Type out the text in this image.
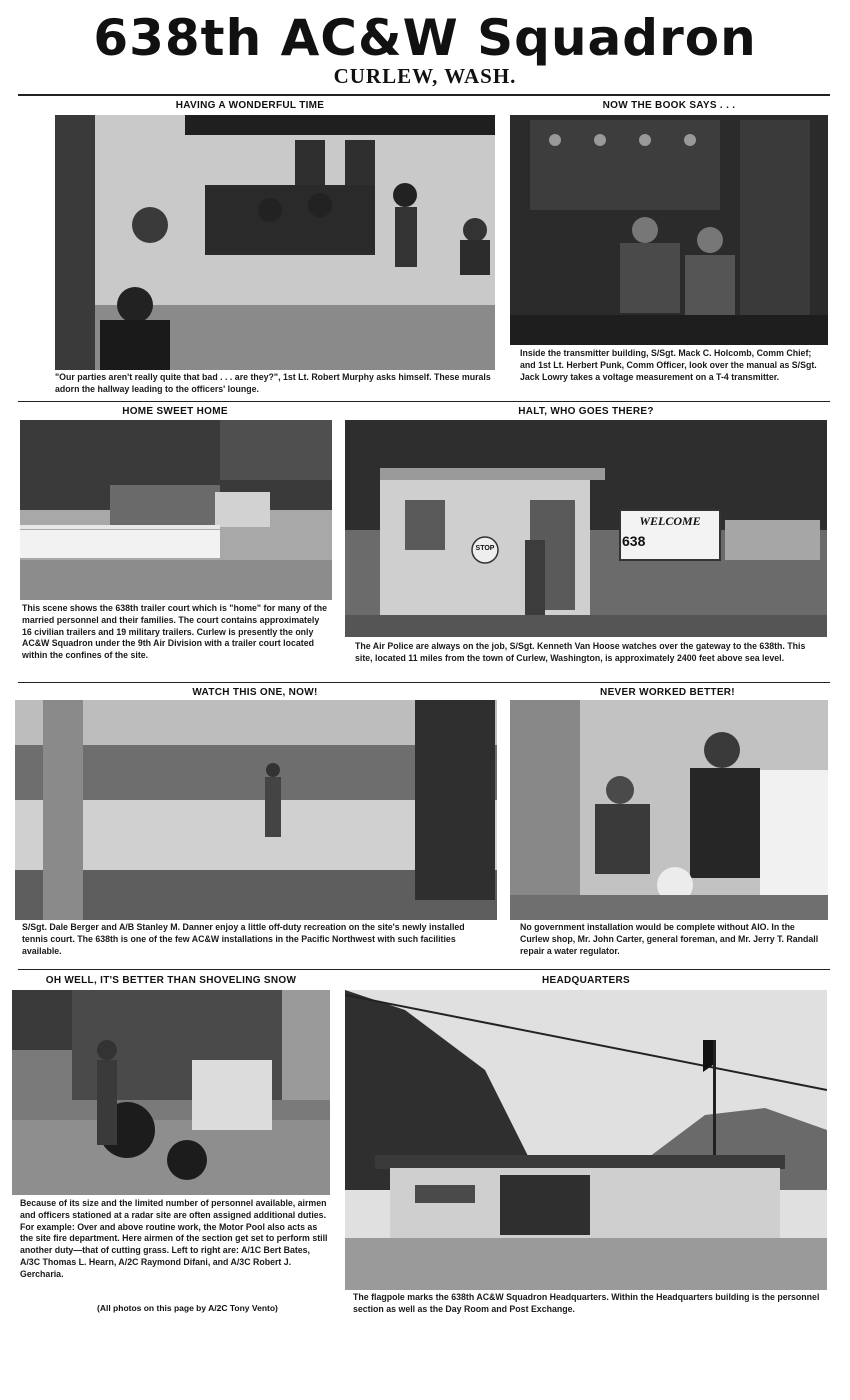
638th AC&W Squadron
CURLEW, WASH.
HAVING A WONDERFUL TIME
"Our parties aren't really quite that bad . . . are they?", 1st Lt. Robert Murphy asks himself. These murals adorn the hallway leading to the officers' lounge.
NOW THE BOOK SAYS . . .
Inside the transmitter building, S/Sgt. Mack C. Holcomb, Comm Chief; and 1st Lt. Herbert Punk, Comm Officer, look over the manual as S/Sgt. Jack Lowry takes a voltage measurement on a T-4 transmitter.
HOME SWEET HOME
This scene shows the 638th trailer court which is "home" for many of the married personnel and their families. The court contains approximately 16 civilian trailers and 19 military trailers. Curlew is presently the only AC&W Squadron under the 9th Air Division with a trailer court located within the confines of the site.
HALT, WHO GOES THERE?
STOP
WELCOME
638
The Air Police are always on the job, S/Sgt. Kenneth Van Hoose watches over the gateway to the 638th. This site, located 11 miles from the town of Curlew, Washington, is approximately 2400 feet above sea level.
WATCH THIS ONE, NOW!
S/Sgt. Dale Berger and A/B Stanley M. Danner enjoy a little off-duty recreation on the site's newly installed tennis court. The 638th is one of the few AC&W installations in the Pacific Northwest with such facilities available.
NEVER WORKED BETTER!
No government installation would be complete without AIO. In the Curlew shop, Mr. John Carter, general foreman, and Mr. Jerry T. Randall repair a water regulator.
OH WELL, IT'S BETTER THAN SHOVELING SNOW
Because of its size and the limited number of personnel available, airmen and officers stationed at a radar site are often assigned additional duties. For example: Over and above routine work, the Motor Pool also acts as the site fire department. Here airmen of the section get set to perform still another duty—that of cutting grass. Left to right are: A/1C Bert Bates, A/3C Thomas L. Hearn, A/2C Raymond Difani, and A/3C Robert J. Gercharia.
(All photos on this page by A/2C Tony Vento)
HEADQUARTERS
The flagpole marks the 638th AC&W Squadron Headquarters. Within the Headquarters building is the personnel section as well as the Day Room and Post Exchange.
